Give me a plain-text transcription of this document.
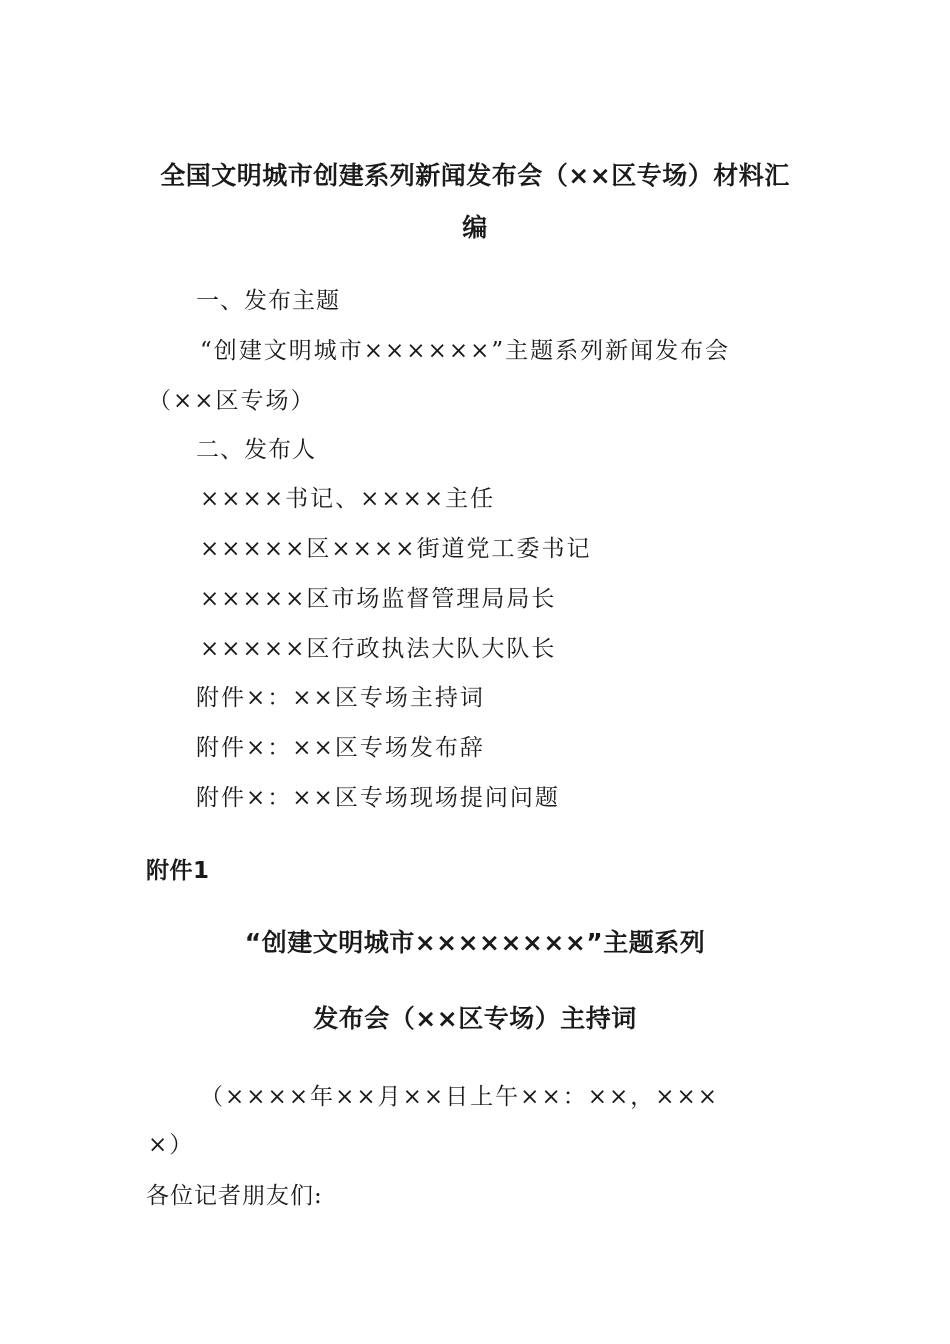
全国文明城市创建系列新闻发布会（××区专场）材料汇编
一、发布主题
“创建文明城市××××××”主题系列新闻发布会
（××区专场）
二、发布人
××××书记、××××主任
×××××区××××街道党工委书记
×××××区市场监督管理局局长
×××××区行政执法大队大队长
附件×：××区专场主持词
附件×：××区专场发布辞
附件×：××区专场现场提问问题
附件1
“创建文明城市××××××××”主题系列
发布会（××区专场）主持词
（××××年××月××日上午××：××，×××
×）
各位记者朋友们:
